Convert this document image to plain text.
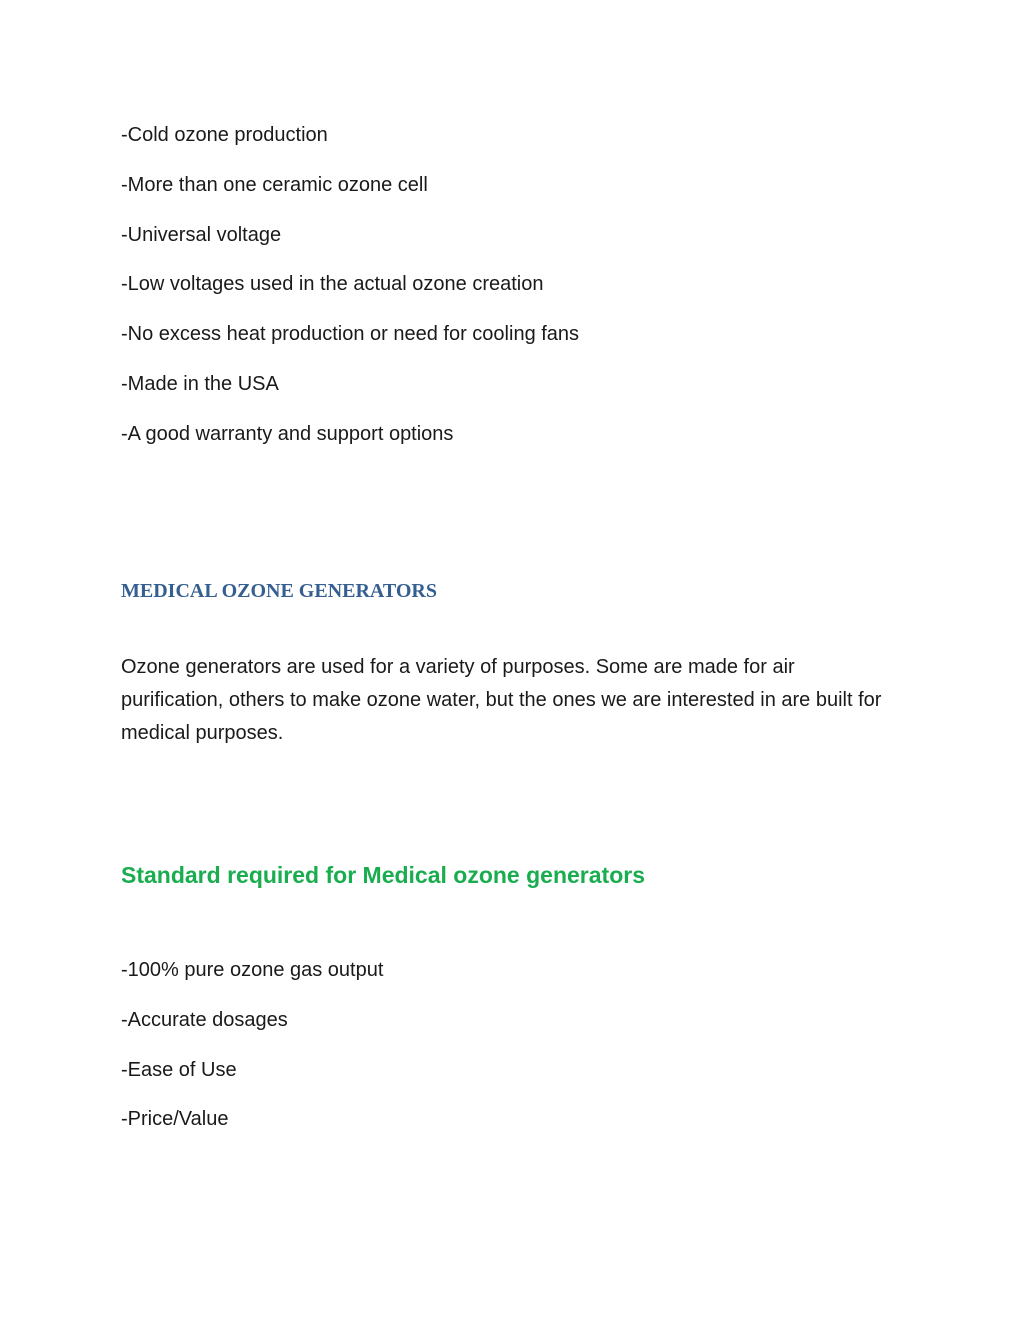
-Cold ozone production
-More than one ceramic ozone cell
-Universal voltage
-Low voltages used in the actual ozone creation
-No excess heat production or need for cooling fans
-Made in the USA
-A good warranty and support options
MEDICAL OZONE GENERATORS

Ozone generators are used for a variety of purposes. Some are made for air purification, others to make ozone water, but the ones we are interested in are built for medical purposes.

Standard required for Medical ozone generators
-100% pure ozone gas output
-Accurate dosages
-Ease of Use
-Price/Value
